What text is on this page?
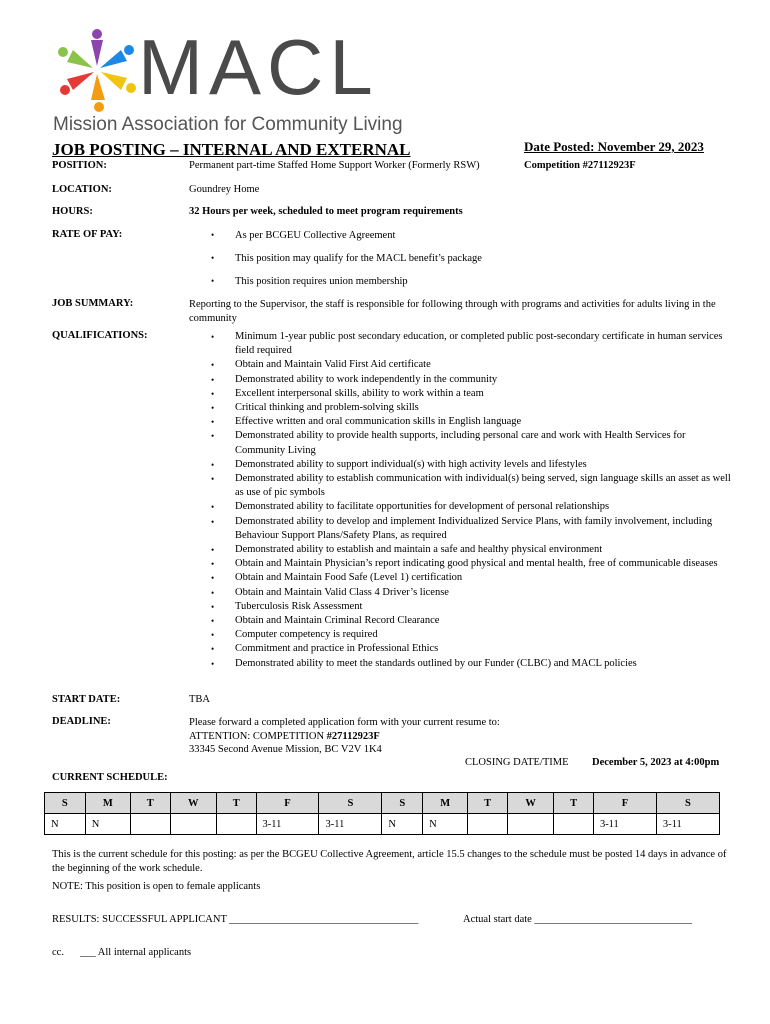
MACL
Mission Association for Community Living
JOB POSTING – INTERNAL AND EXTERNAL	Date Posted: November 29, 2023
POSITION:	Permanent part-time Staffed Home Support Worker (Formerly RSW)	Competition #27112923F
LOCATION:	Goundrey Home
HOURS:	32 Hours per week, scheduled to meet program requirements
RATE OF PAY:	• As per BCGEU Collective Agreement
• This position may qualify for the MACL benefit’s package
• This position requires union membership
JOB SUMMARY:	Reporting to the Supervisor, the staff is responsible for following through with programs and activities for adults living in the community
QUALIFICATIONS:	• Minimum 1-year public post secondary education, or completed public post-secondary certificate in human services field required
• Obtain and Maintain Valid First Aid certificate
• Demonstrated ability to work independently in the community
• Excellent interpersonal skills, ability to work within a team
• Critical thinking and problem-solving skills
• Effective written and oral communication skills in English language
• Demonstrated ability to provide health supports, including personal care and work with Health Services for Community Living
• Demonstrated ability to support individual(s) with high activity levels and lifestyles
• Demonstrated ability to establish communication with individual(s) being served, sign language skills an asset as well as use of pic symbols
• Demonstrated ability to facilitate opportunities for development of personal relationships
• Demonstrated ability to develop and implement Individualized Service Plans, with family involvement, including Behaviour Support Plans/Safety Plans, as required
• Demonstrated ability to establish and maintain a safe and healthy physical environment
• Obtain and Maintain Physician’s report indicating good physical and mental health, free of communicable diseases
• Obtain and Maintain Food Safe (Level 1) certification
• Obtain and Maintain Valid Class 4 Driver’s license
• Tuberculosis Risk Assessment
• Obtain and Maintain Criminal Record Clearance
• Computer competency is required
• Commitment and practice in Professional Ethics
• Demonstrated ability to meet the standards outlined by our Funder (CLBC) and MACL policies
START DATE:	TBA
DEADLINE:	Please forward a completed application form with your current resume to:
ATTENTION: COMPETITION #27112923F
33345 Second Avenue Mission, BC V2V 1K4
CLOSING DATE/TIME December 5, 2023 at 4:00pm
CURRENT SCHEDULE:
S	M	T	W	T	F	S	S	M	T	W	T	F	S
N	N				3-11	3-11	N	N				3-11	3-11
This is the current schedule for this posting: as per the BCGEU Collective Agreement, article 15.5 changes to the schedule must be posted 14 days in advance of the beginning of the work schedule.
NOTE: This position is open to female applicants
RESULTS: SUCCESSFUL APPLICANT ____________________________________	Actual start date ______________________________
cc. ___ All internal applicants
